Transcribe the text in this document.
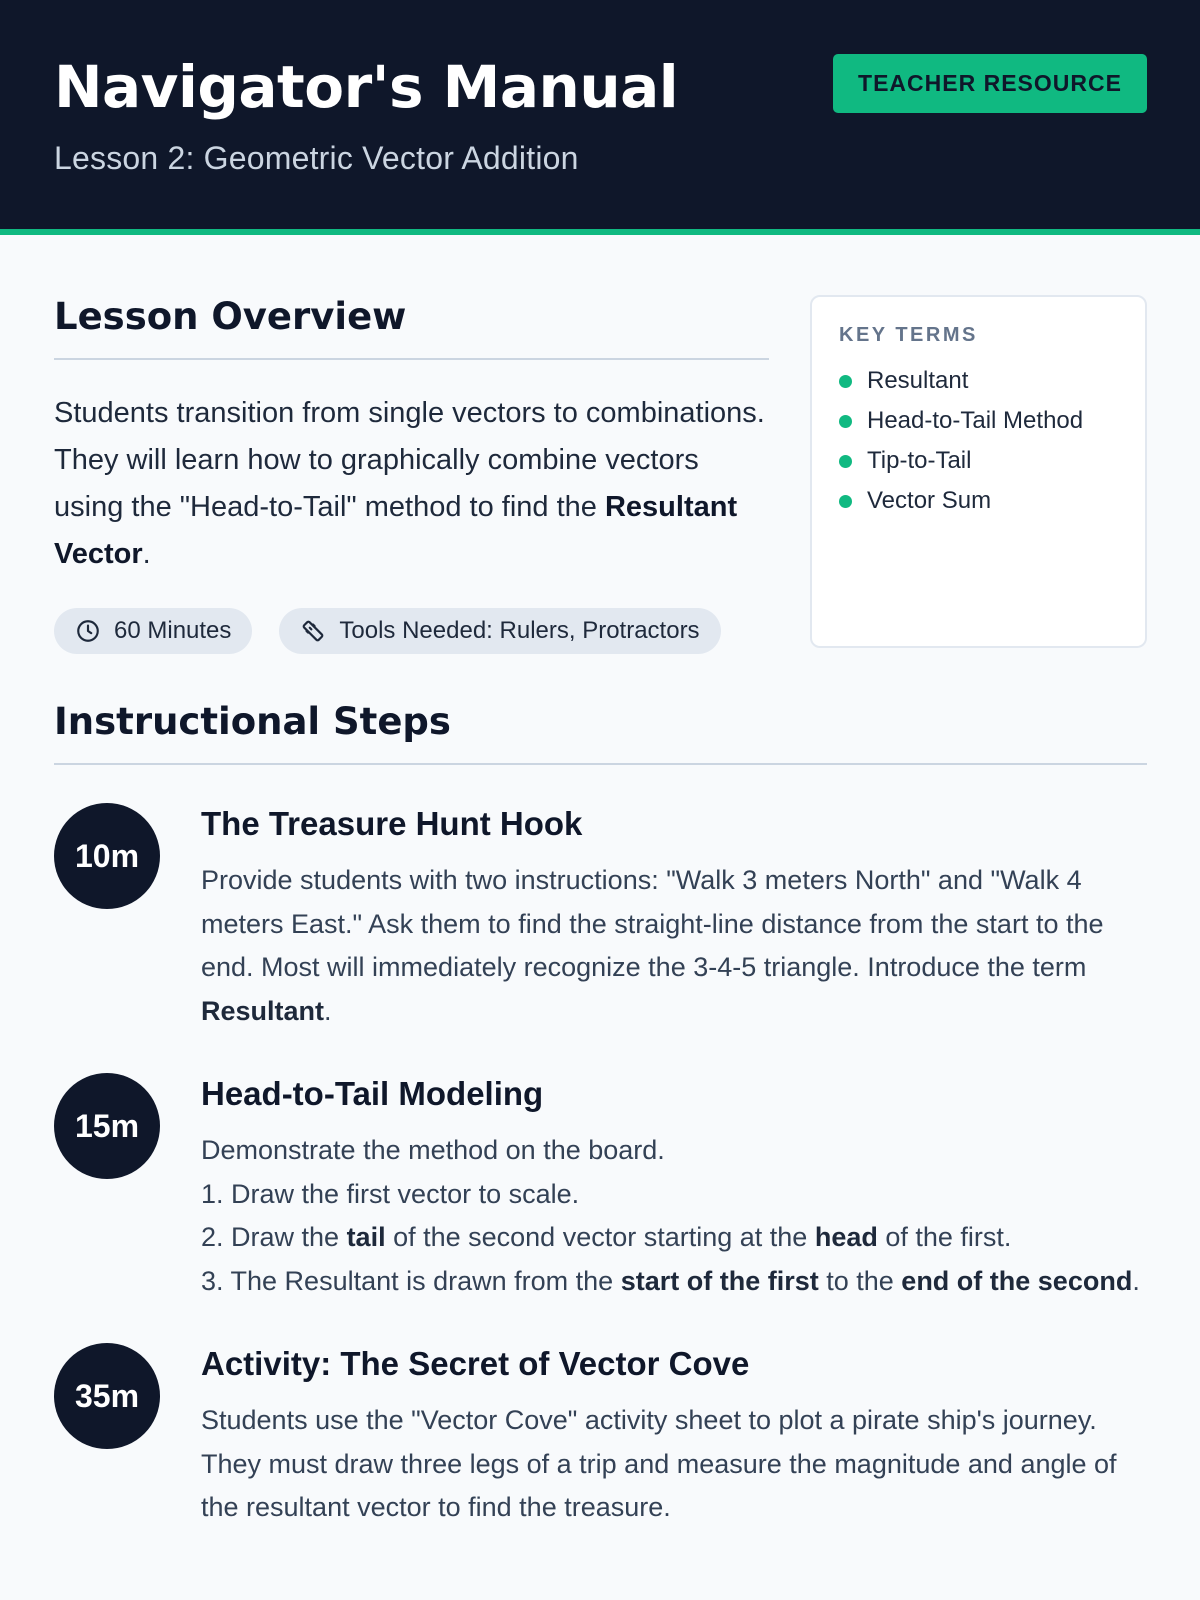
Navigator's Manual
Lesson 2: Geometric Vector Addition
TEACHER RESOURCE
Lesson Overview

Students transition from single vectors to combinations. They will learn how to graphically combine vectors using the "Head-to-Tail" method to find the Resultant Vector.

60 Minutes	Tools Needed: Rulers, Protractors
KEY TERMS
Resultant
Head-to-Tail Method
Tip-to-Tail
Vector Sum
Instructional Steps
10m
The Treasure Hunt Hook
Provide students with two instructions: "Walk 3 meters North" and "Walk 4 meters East." Ask them to find the straight-line distance from the start to the end. Most will immediately recognize the 3-4-5 triangle. Introduce the term Resultant.
15m
Head-to-Tail Modeling
Demonstrate the method on the board.
1. Draw the first vector to scale.
2. Draw the tail of the second vector starting at the head of the first.
3. The Resultant is drawn from the start of the first to the end of the second.
35m
Activity: The Secret of Vector Cove
Students use the "Vector Cove" activity sheet to plot a pirate ship's journey. They must draw three legs of a trip and measure the magnitude and angle of the resultant vector to find the treasure.
